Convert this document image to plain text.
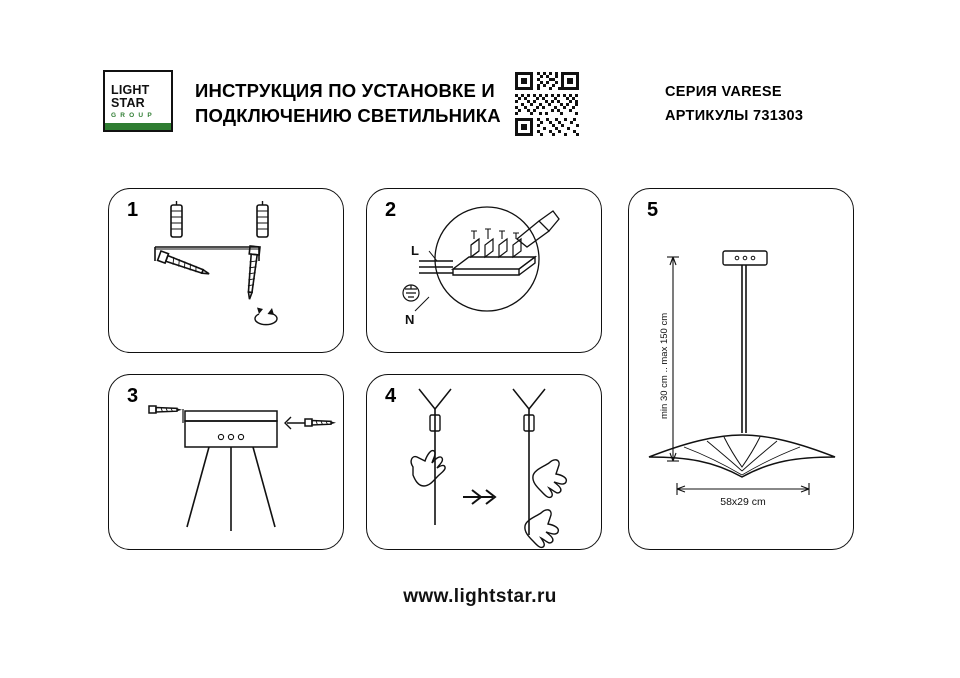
LIGHT
STAR
G R O U P
ИНСТРУКЦИЯ ПО УСТАНОВКЕ И
ПОДКЛЮЧЕНИЮ СВЕТИЛЬНИКА
СЕРИЯ VARESE
АРТИКУЛЫ 731303
1	2
L
N
3	4
5
min 30 cm .. max 150 cm
58x29 cm
www.lightstar.ru
